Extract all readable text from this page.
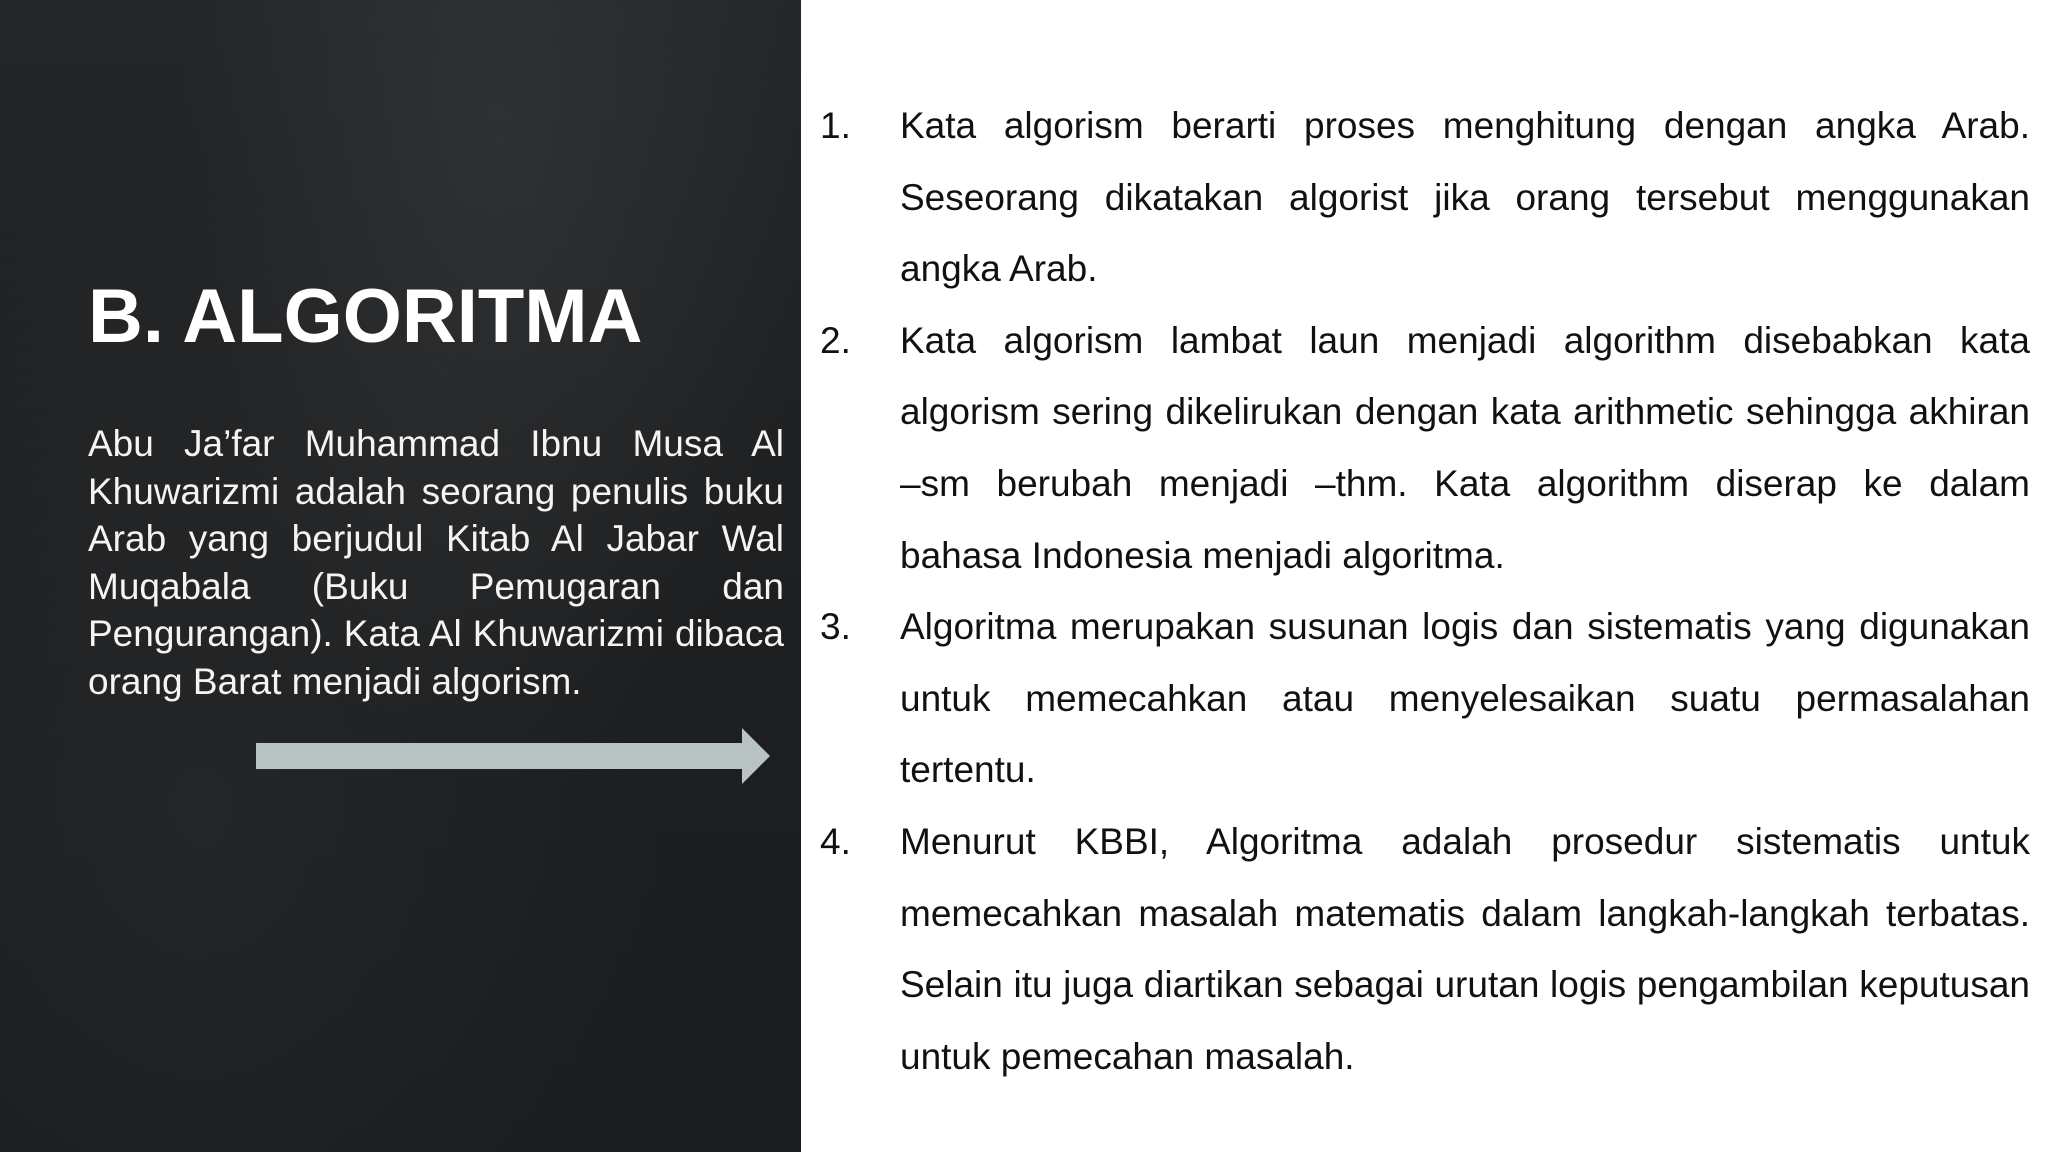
B. ALGORITMA

Abu Ja’far Muhammad Ibnu Musa Al Khuwarizmi adalah seorang penulis buku Arab yang berjudul Kitab Al Jabar Wal Muqabala (Buku Pemugaran dan Pengurangan). Kata Al Khuwarizmi dibaca orang Barat menjadi algorism.

1.	Kata algorism berarti proses menghitung dengan angka Arab. Seseorang dikatakan algorist jika orang tersebut menggunakan angka Arab.
2.	Kata algorism lambat laun menjadi algorithm disebabkan kata algorism sering dikelirukan dengan kata arithmetic sehingga akhiran –sm berubah menjadi –thm. Kata algorithm diserap ke dalam bahasa Indonesia menjadi algoritma.
3.	Algoritma merupakan susunan logis dan sistematis yang digunakan untuk memecahkan atau menyelesaikan suatu permasalahan tertentu.
4.	Menurut KBBI, Algoritma adalah prosedur sistematis untuk memecahkan masalah matematis dalam langkah-langkah terbatas. Selain itu juga diartikan sebagai urutan logis pengambilan keputusan untuk pemecahan masalah.
